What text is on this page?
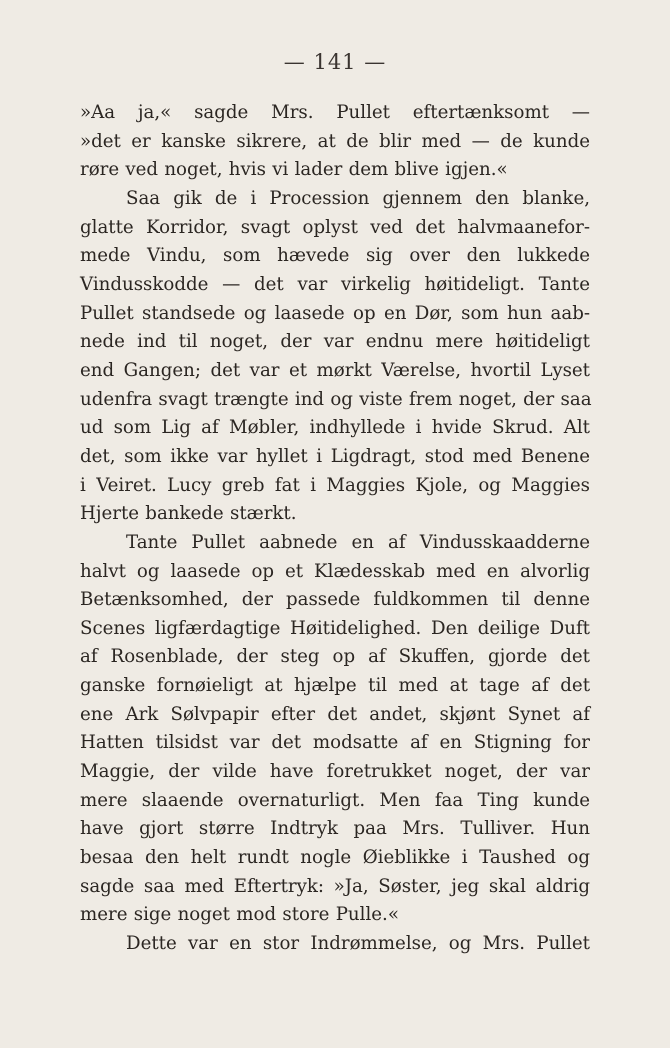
— 141 —
»Aa ja,« sagde Mrs. Pullet eftertænksomt —
»det er kanske sikrere, at de blir med — de kunde
røre ved noget, hvis vi lader dem blive igjen.«
Saa gik de i Procession gjennem den blanke,
glatte Korridor, svagt oplyst ved det halvmaanefor-
mede Vindu, som hævede sig over den lukkede
Vindusskodde — det var virkelig høitideligt. Tante
Pullet standsede og laasede op en Dør, som hun aab-
nede ind til noget, der var endnu mere høitideligt
end Gangen; det var et mørkt Værelse, hvortil Lyset
udenfra svagt trængte ind og viste frem noget, der saa
ud som Lig af Møbler, indhyllede i hvide Skrud. Alt
det, som ikke var hyllet i Ligdragt, stod med Benene
i Veiret. Lucy greb fat i Maggies Kjole, og Maggies
Hjerte bankede stærkt.
Tante Pullet aabnede en af Vindusskaadderne
halvt og laasede op et Klædesskab med en alvorlig
Betænksomhed, der passede fuldkommen til denne
Scenes ligfærdagtige Høitidelighed. Den deilige Duft
af Rosenblade, der steg op af Skuffen, gjorde det
ganske fornøieligt at hjælpe til med at tage af det
ene Ark Sølvpapir efter det andet, skjønt Synet af
Hatten tilsidst var det modsatte af en Stigning for
Maggie, der vilde have foretrukket noget, der var
mere slaaende overnaturligt. Men faa Ting kunde
have gjort større Indtryk paa Mrs. Tulliver. Hun
besaa den helt rundt nogle Øieblikke i Taushed og
sagde saa med Eftertryk: »Ja, Søster, jeg skal aldrig
mere sige noget mod store Pulle.«
Dette var en stor Indrømmelse, og Mrs. Pullet
